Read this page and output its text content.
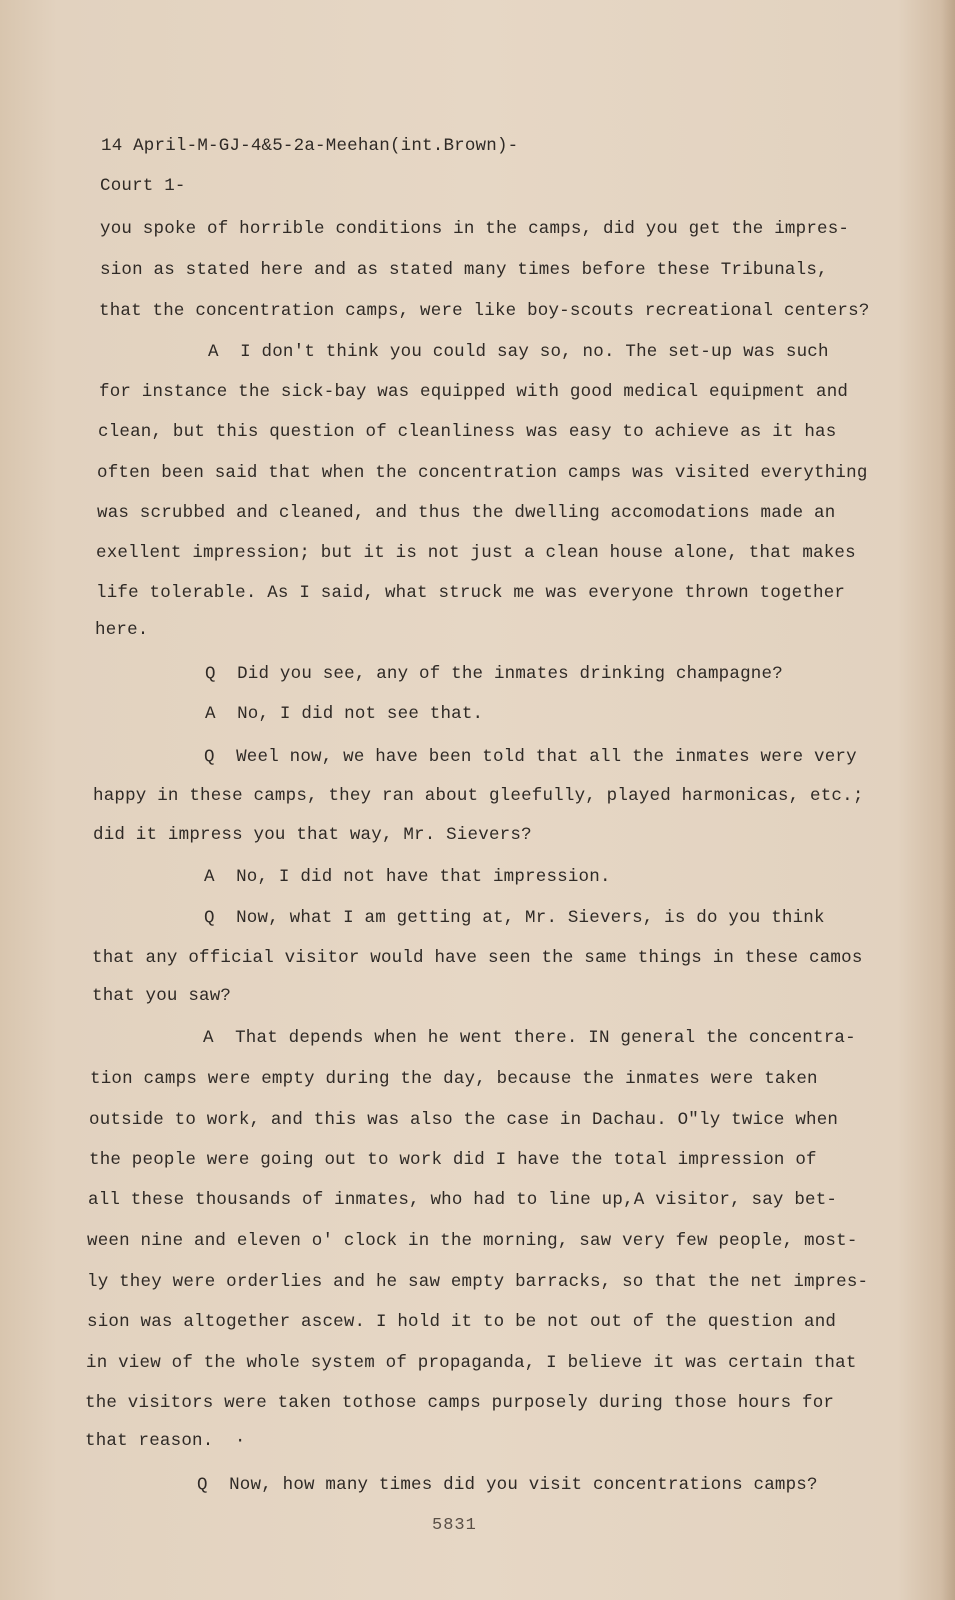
14 April-M-GJ-4&5-2a-Meehan(int.Brown)-

Court 1-

you spoke of horrible conditions in the camps, did you get the impres-

sion as stated here and as stated many times before these Tribunals,

that the concentration camps, were like boy-scouts recreational centers?

A  I don't think you could say so, no. The set-up was such

for instance the sick-bay was equipped with good medical equipment and

clean, but this question of cleanliness was easy to achieve as it has

often been said that when the concentration camps was visited everything

was scrubbed and cleaned, and thus the dwelling accomodations made an

exellent impression; but it is not just a clean house alone, that makes

life tolerable. As I said, what struck me was everyone thrown together

here.

Q  Did you see, any of the inmates drinking champagne?

A  No, I did not see that.

Q  Weel now, we have been told that all the inmates were very

happy in these camps, they ran about gleefully, played harmonicas, etc.;

did it impress you that way, Mr. Sievers?

A  No, I did not have that impression.

Q  Now, what I am getting at, Mr. Sievers, is do you think

that any official visitor would have seen the same things in these camos

that you saw?

A  That depends when he went there. IN general the concentra-

tion camps were empty during the day, because the inmates were taken

outside to work, and this was also the case in Dachau. O"ly twice when

the people were going out to work did I have the total impression of

all these thousands of inmates, who had to line up,A visitor, say bet-

ween nine and eleven o' clock in the morning, saw very few people, most-

ly they were orderlies and he saw empty barracks, so that the net impres-

sion was altogether ascew. I hold it to be not out of the question and

in view of the whole system of propaganda, I believe it was certain that

the visitors were taken tothose camps purposely during those hours for

that reason.  ·

Q  Now, how many times did you visit concentrations camps?

5831
